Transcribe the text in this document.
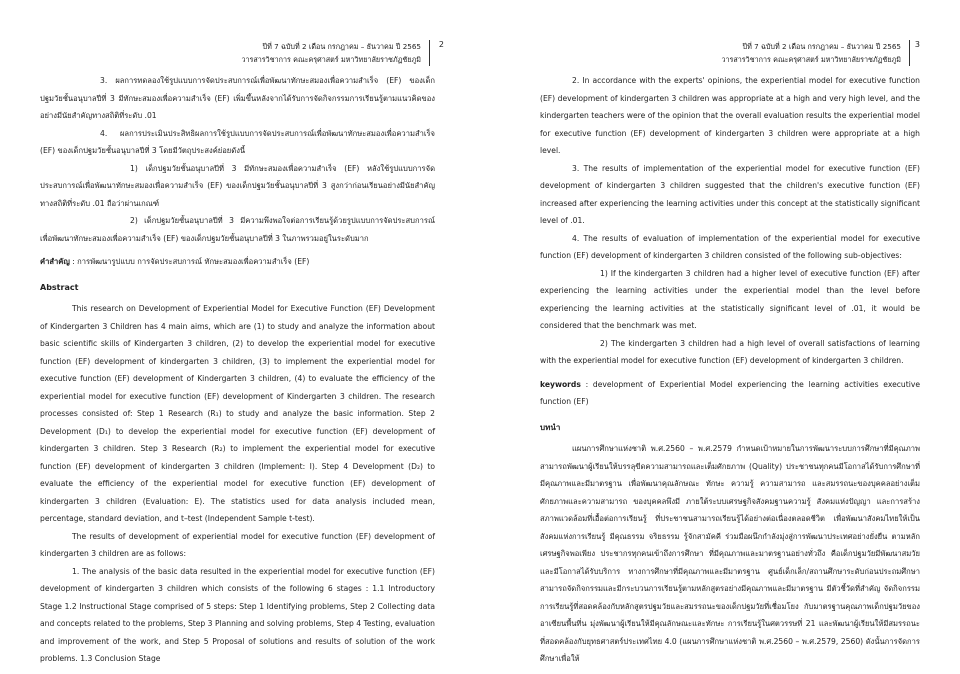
ปีที่ 7 ฉบับที่ 2 เดือน กรกฎาคม – ธันวาคม ปี 2565
วารสารวิชาการ คณะครุศาสตร์ มหาวิทยาลัยราชภัฏชัยภูมิ
2

3. ผลการทดลองใช้รูปแบบการจัดประสบการณ์เพื่อพัฒนาทักษะสมองเพื่อความสำเร็จ (EF) ของเด็กปฐมวัยชั้นอนุบาลปีที่ 3 มีทักษะสมองเพื่อความสำเร็จ (EF) เพิ่มขึ้นหลังจากได้รับการจัดกิจกรรมการเรียนรู้ตามแนวคิดของอย่างมีนัยสำคัญทางสถิติที่ระดับ .01

4. ผลการประเมินประสิทธิผลการใช้รูปแบบการจัดประสบการณ์เพื่อพัฒนาทักษะสมองเพื่อความสำเร็จ (EF) ของเด็กปฐมวัยชั้นอนุบาลปีที่ 3 โดยมีวัตถุประสงค์ย่อยดังนี้

1) เด็กปฐมวัยชั้นอนุบาลปีที่ 3 มีทักษะสมองเพื่อความสำเร็จ (EF) หลังใช้รูปแบบการจัดประสบการณ์เพื่อพัฒนาทักษะสมองเพื่อความสำเร็จ (EF) ของเด็กปฐมวัยชั้นอนุบาลปีที่ 3 สูงกว่าก่อนเรียนอย่างมีนัยสำคัญทางสถิติที่ระดับ .01 ถือว่าผ่านเกณฑ์

2) เด็กปฐมวัยชั้นอนุบาลปีที่ 3 มีความพึงพอใจต่อการเรียนรู้ด้วยรูปแบบการจัดประสบการณ์เพื่อพัฒนาทักษะสมองเพื่อความสำเร็จ (EF) ของเด็กปฐมวัยชั้นอนุบาลปีที่ 3 ในภาพรวมอยู่ในระดับมาก

คำสำคัญ : การพัฒนารูปแบบ การจัดประสบการณ์ ทักษะสมองเพื่อความสำเร็จ (EF)

Abstract

This research on Development of Experiential Model for Executive Function (EF) Development of Kindergarten 3 Children has 4 main aims, which are (1) to study and analyze the information about basic scientific skills of Kindergarten 3 children, (2) to develop the experiential model for executive function (EF) development of kindergarten 3 children, (3) to implement the experiential model for executive function (EF) development of Kindergarten 3 children, (4) to evaluate the efficiency of the experiential model for executive function (EF) development of Kindergarten 3 children. The research processes consisted of: Step 1 Research (R₁) to study and analyze the basic information. Step 2 Development (D₁) to develop the experiential model for executive function (EF) development of kindergarten 3 children. Step 3 Research (R₂) to implement the experiential model for executive function (EF) development of kindergarten 3 children (Implement: I). Step 4 Development (D₂) to evaluate the efficiency of the experiential model for executive function (EF) development of kindergarten 3 children (Evaluation: E). The statistics used for data analysis included mean, percentage, standard deviation, and t–test (Independent Sample t-test).

The results of development of experiential model for executive function (EF) development of kindergarten 3 children are as follows:

1. The analysis of the basic data resulted in the experiential model for executive function (EF) development of kindergarten 3 children which consists of the following 6 stages : 1.1 Introductory Stage 1.2 Instructional Stage comprised of 5 steps: Step 1 Identifying problems, Step 2 Collecting data and concepts related to the problems, Step 3 Planning and solving problems, Step 4 Testing, evaluation and improvement of the work, and Step 5 Proposal of solutions and results of solution of the work problems. 1.3 Conclusion Stage

ปีที่ 7 ฉบับที่ 2 เดือน กรกฎาคม – ธันวาคม ปี 2565
วารสารวิชาการ คณะครุศาสตร์ มหาวิทยาลัยราชภัฏชัยภูมิ
3

2. In accordance with the experts' opinions, the experiential model for executive function (EF) development of kindergarten 3 children was appropriate at a high and very high level, and the kindergarten teachers were of the opinion that the overall evaluation results the experiential model for executive function (EF) development of kindergarten 3 children were appropriate at a high level.

3. The results of implementation of the experiential model for executive function (EF) development of kindergarten 3 children suggested that the children's executive function (EF) increased after experiencing the learning activities under this concept at the statistically significant level of .01.

4. The results of evaluation of implementation of the experiential model for executive function (EF) development of kindergarten 3 children consisted of the following sub-objectives:

1) If the kindergarten 3 children had a higher level of executive function (EF) after experiencing the learning activities under the experiential model than the level before experiencing the learning activities at the statistically significant level of .01, it would be considered that the benchmark was met.

2) The kindergarten 3 children had a high level of overall satisfactions of learning with the experiential model for executive function (EF) development of kindergarten 3 children.

keywords : development of Experiential Model experiencing the learning activities executive function (EF)

บทนำ

แผนการศึกษาแห่งชาติ พ.ศ.2560 – พ.ศ.2579 กำหนดเป้าหมายในการพัฒนาระบบการศึกษาที่มีคุณภาพ สามารถพัฒนาผู้เรียนให้บรรลุขีดความสามารถและเต็มศักยภาพ (Quality) ประชาชนทุกคนมีโอกาสได้รับการศึกษาที่มีคุณภาพและมีมาตรฐาน เพื่อพัฒนาคุณลักษณะ ทักษะ ความรู้ ความสามารถ และสมรรถนะของบุคคลอย่างเต็มศักยภาพและความสามารถ ของบุคคลพึงมี ภายใต้ระบบเศรษฐกิจสังคมฐานความรู้ สังคมแห่งปัญญา และการสร้างสภาพแวดล้อมที่เอื้อต่อการเรียนรู้ ที่ประชาชนสามารถเรียนรู้ได้อย่างต่อเนื่องตลอดชีวิต เพื่อพัฒนาสังคมไทยให้เป็นสังคมแห่งการเรียนรู้ มีคุณธรรม จริยธรรม รู้จักสามัคคี ร่วมมือผนึกกำลังมุ่งสู่การพัฒนาประเทศอย่างยั่งยืน ตามหลักเศรษฐกิจพอเพียง ประชากรทุกคนเข้าถึงการศึกษา ที่มีคุณภาพและมาตรฐานอย่างทั่วถึง คือเด็กปฐมวัยมีพัฒนาสมวัยและมีโอกาสได้รับบริการ ทางการศึกษาที่มีคุณภาพและมีมาตรฐาน ศูนย์เด็กเล็ก/สถานศึกษาระดับก่อนประถมศึกษาสามารถจัดกิจกรรมและมีกระบวนการเรียนรู้ตามหลักสูตรอย่างมีคุณภาพและมีมาตรฐาน มีตัวชี้วัดที่สำคัญ จัดกิจกรรมการเรียนรู้ที่สอดคล้องกับหลักสูตรปฐมวัยและสมรรถนะของเด็กปฐมวัยที่เชื่อมโยง กับมาตรฐานคุณภาพเด็กปฐมวัยของอาเซียนพื้นที่น มุ่งพัฒนาผู้เรียนให้มีคุณลักษณะและทักษะ การเรียนรู้ในศตวรรษที่ 21 และพัฒนาผู้เรียนให้มีสมรรถนะที่สอดคล้องกับยุทธศาสตร์ประเทศไทย 4.0 (แผนการศึกษาแห่งชาติ พ.ศ.2560 – พ.ศ.2579, 2560) ดังนั้นการจัดการศึกษาเพื่อให้
